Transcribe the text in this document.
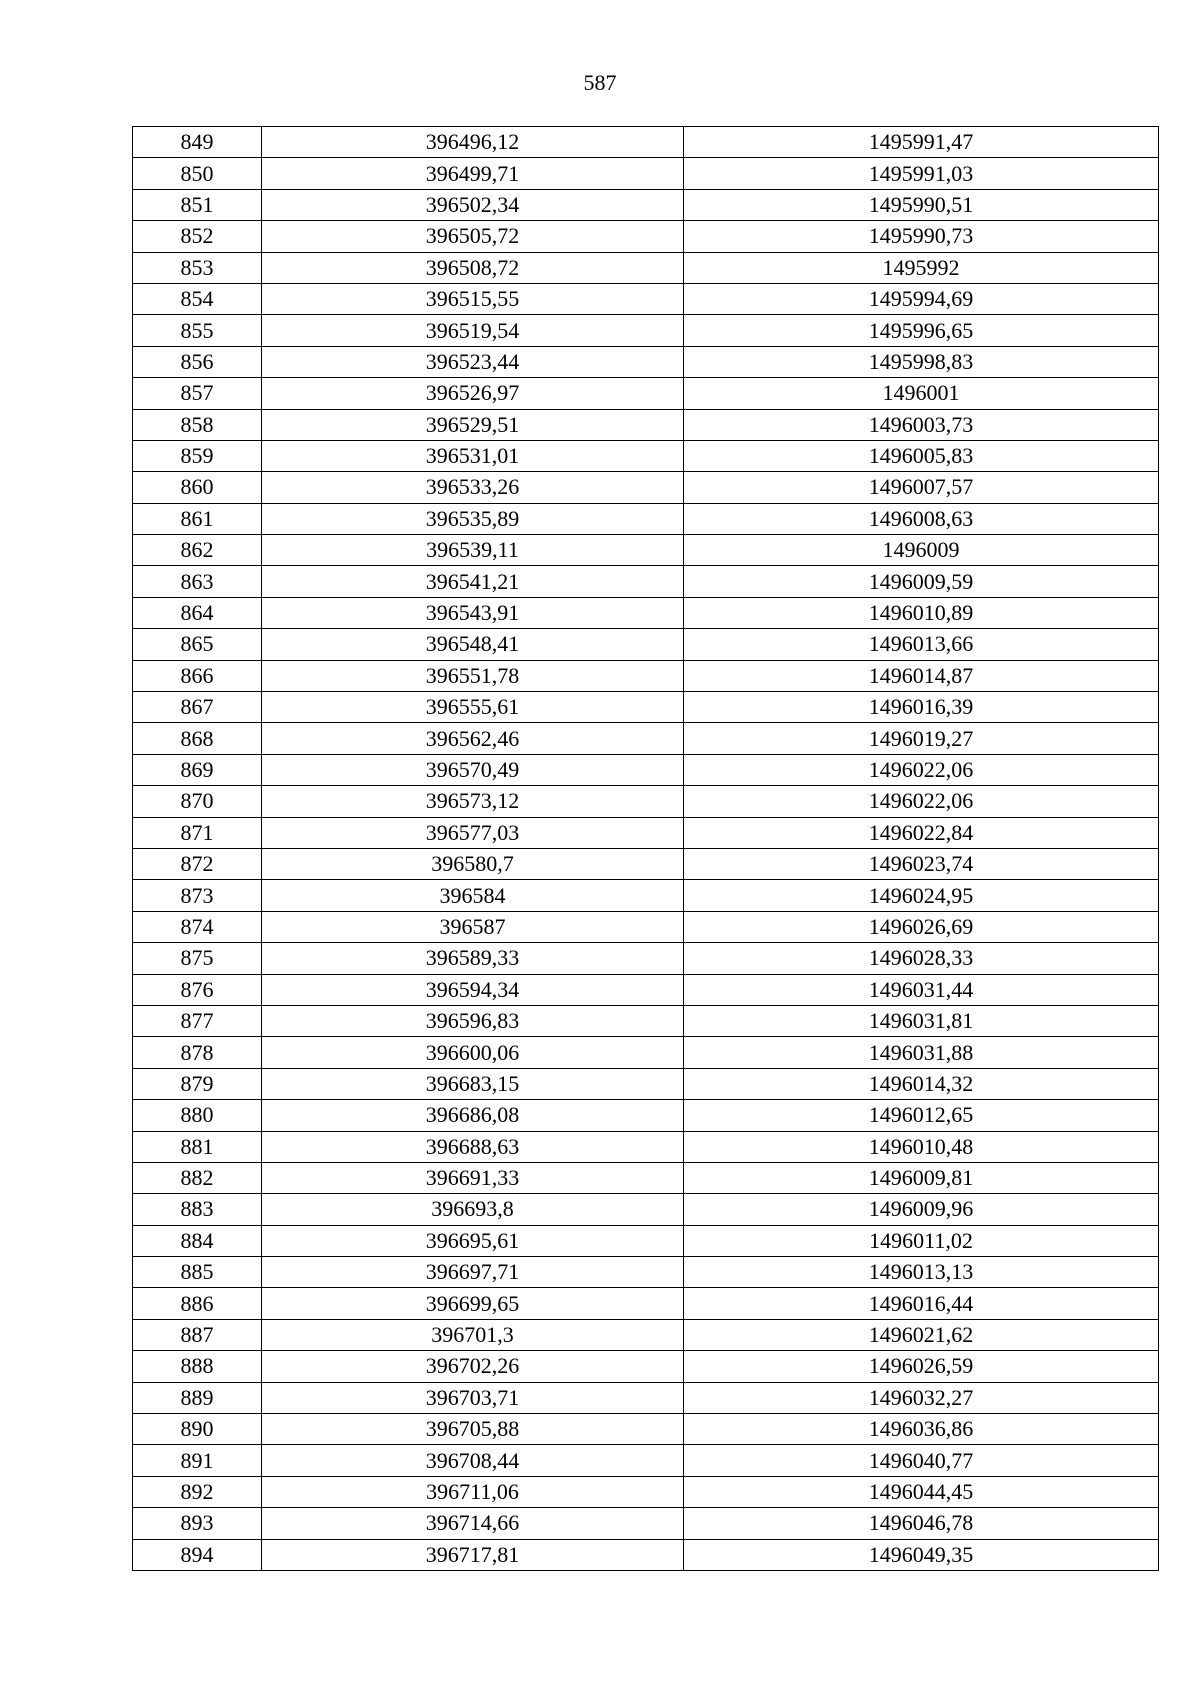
587
849	396496,12	1495991,47
850	396499,71	1495991,03
851	396502,34	1495990,51
852	396505,72	1495990,73
853	396508,72	1495992
854	396515,55	1495994,69
855	396519,54	1495996,65
856	396523,44	1495998,83
857	396526,97	1496001
858	396529,51	1496003,73
859	396531,01	1496005,83
860	396533,26	1496007,57
861	396535,89	1496008,63
862	396539,11	1496009
863	396541,21	1496009,59
864	396543,91	1496010,89
865	396548,41	1496013,66
866	396551,78	1496014,87
867	396555,61	1496016,39
868	396562,46	1496019,27
869	396570,49	1496022,06
870	396573,12	1496022,06
871	396577,03	1496022,84
872	396580,7	1496023,74
873	396584	1496024,95
874	396587	1496026,69
875	396589,33	1496028,33
876	396594,34	1496031,44
877	396596,83	1496031,81
878	396600,06	1496031,88
879	396683,15	1496014,32
880	396686,08	1496012,65
881	396688,63	1496010,48
882	396691,33	1496009,81
883	396693,8	1496009,96
884	396695,61	1496011,02
885	396697,71	1496013,13
886	396699,65	1496016,44
887	396701,3	1496021,62
888	396702,26	1496026,59
889	396703,71	1496032,27
890	396705,88	1496036,86
891	396708,44	1496040,77
892	396711,06	1496044,45
893	396714,66	1496046,78
894	396717,81	1496049,35
